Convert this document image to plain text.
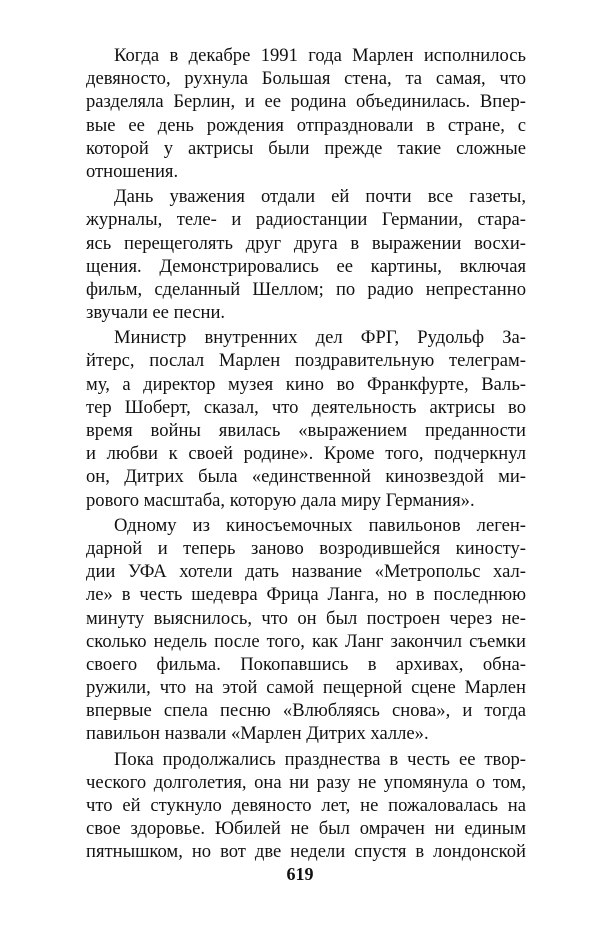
Когда в декабре 1991 года Марлен исполнилось
девяносто, рухнула Большая стена, та самая, что
разделяла Берлин, и ее родина объединилась. Впер-
вые ее день рождения отпраздновали в стране, с
которой у актрисы были прежде такие сложные
отношения.
Дань уважения отдали ей почти все газеты,
журналы, теле- и радиостанции Германии, стара-
ясь перещеголять друг друга в выражении восхи-
щения. Демонстрировались ее картины, включая
фильм, сделанный Шеллом; по радио непрестанно
звучали ее песни.
Министр внутренних дел ФРГ, Рудольф За-
йтерс, послал Марлен поздравительную телеграм-
му, а директор музея кино во Франкфурте, Валь-
тер Шоберт, сказал, что деятельность актрисы во
время войны явилась «выражением преданности
и любви к своей родине». Кроме того, подчеркнул
он, Дитрих была «единственной кинозвездой ми-
рового масштаба, которую дала миру Германия».
Одному из киносъемочных павильонов леген-
дарной и теперь заново возродившейся киносту-
дии УФА хотели дать название «Метропольс хал-
ле» в честь шедевра Фрица Ланга, но в последнюю
минуту выяснилось, что он был построен через не-
сколько недель после того, как Ланг закончил съемки
своего фильма. Покопавшись в архивах, обна-
ружили, что на этой самой пещерной сцене Марлен
впервые спела песню «Влюбляясь снова», и тогда
павильон назвали «Марлен Дитрих халле».
Пока продолжались празднества в честь ее твор-
ческого долголетия, она ни разу не упомянула о том,
что ей стукнуло девяносто лет, не пожаловалась на
свое здоровье. Юбилей не был омрачен ни единым
пятнышком, но вот две недели спустя в лондонской
619
